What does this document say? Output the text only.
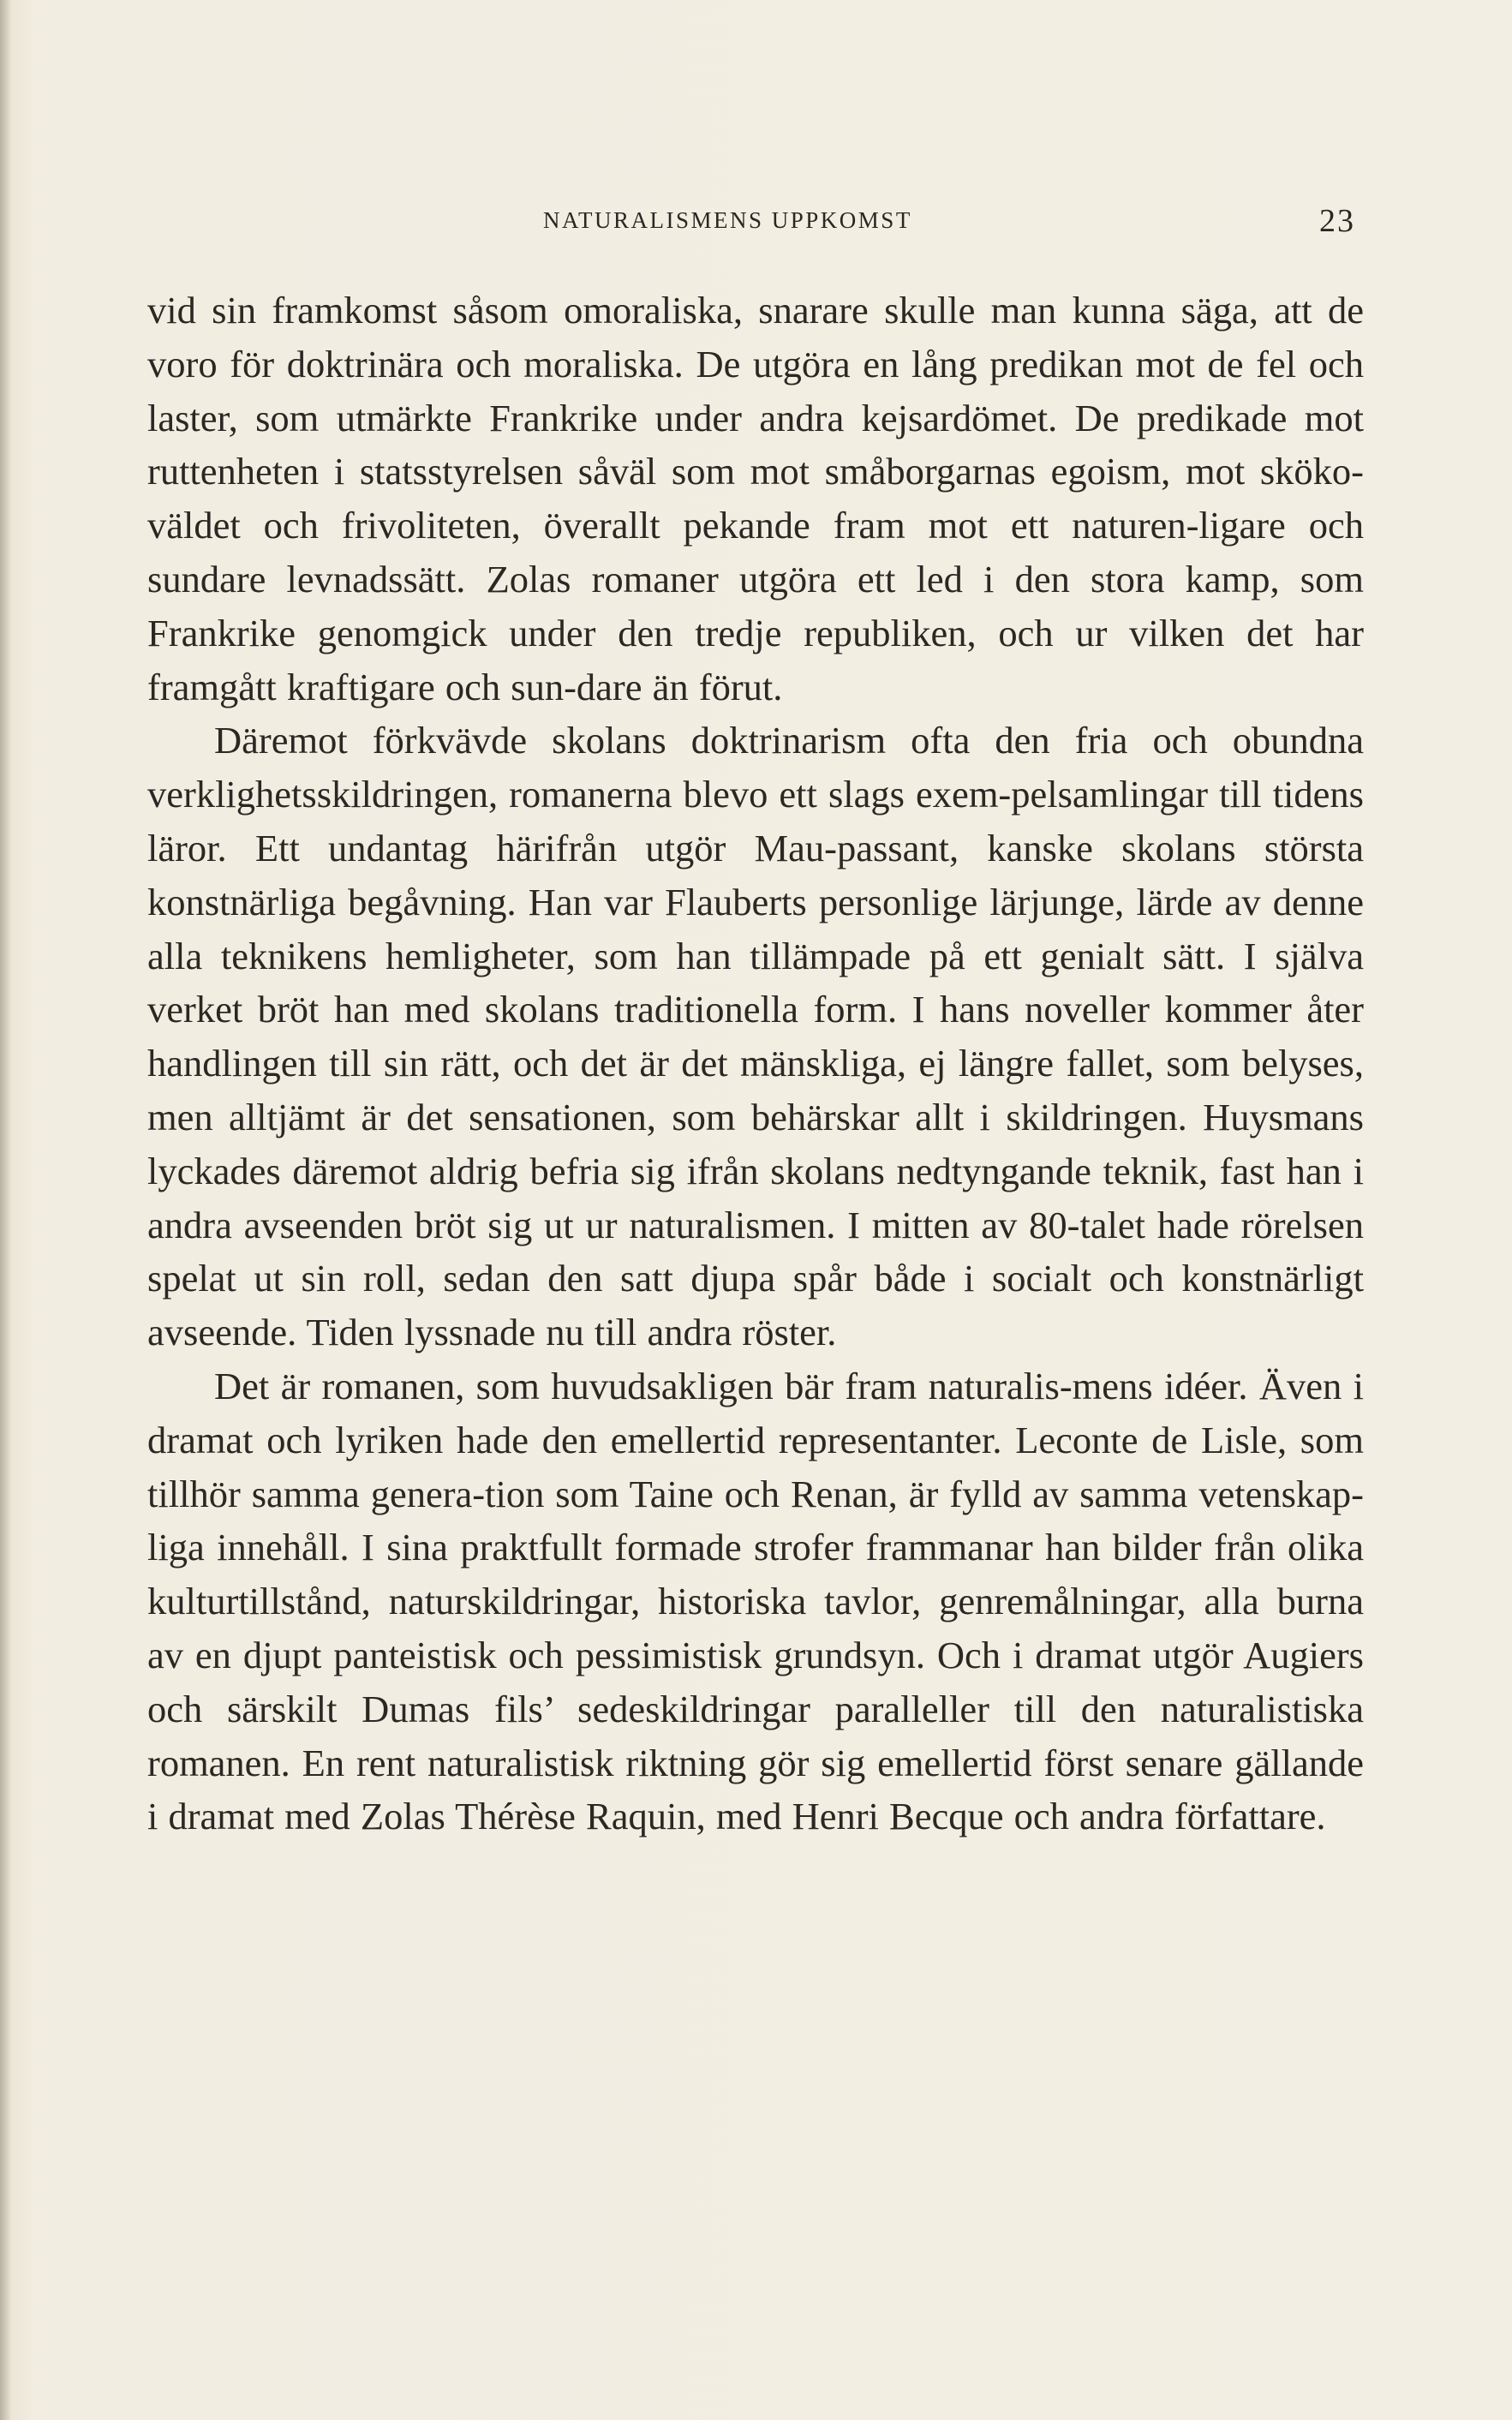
NATURALISMENS UPPKOMST	23

vid sin framkomst såsom omoraliska, snarare skulle man kunna säga, att de voro för doktrinära och moraliska. De utgöra en lång predikan mot de fel och laster, som utmärkte Frankrike under andra kejsardömet. De predikade mot ruttenheten i statsstyrelsen såväl som mot småborgarnas egoism, mot sköko-väldet och frivoliteten, överallt pekande fram mot ett naturen-ligare och sundare levnadssätt. Zolas romaner utgöra ett led i den stora kamp, som Frankrike genomgick under den tredje republiken, och ur vilken det har framgått kraftigare och sun-dare än förut.

Däremot förkvävde skolans doktrinarism ofta den fria och obundna verklighetsskildringen, romanerna blevo ett slags exem-pelsamlingar till tidens läror. Ett undantag härifrån utgör Mau-passant, kanske skolans största konstnärliga begåvning. Han var Flauberts personlige lärjunge, lärde av denne alla teknikens hemligheter, som han tillämpade på ett genialt sätt. I själva verket bröt han med skolans traditionella form. I hans noveller kommer åter handlingen till sin rätt, och det är det mänskliga, ej längre fallet, som belyses, men alltjämt är det sensationen, som behärskar allt i skildringen. Huysmans lyckades däremot aldrig befria sig ifrån skolans nedtyngande teknik, fast han i andra avseenden bröt sig ut ur naturalismen. I mitten av 80-talet hade rörelsen spelat ut sin roll, sedan den satt djupa spår både i socialt och konstnärligt avseende. Tiden lyssnade nu till andra röster.

Det är romanen, som huvudsakligen bär fram naturalis-mens idéer. Även i dramat och lyriken hade den emellertid representanter. Leconte de Lisle, som tillhör samma genera-tion som Taine och Renan, är fylld av samma vetenskap-liga innehåll. I sina praktfullt formade strofer frammanar han bilder från olika kulturtillstånd, naturskildringar, historiska tavlor, genremålningar, alla burna av en djupt panteistisk och pessimistisk grundsyn. Och i dramat utgör Augiers och särskilt Dumas fils’ sedeskildringar paralleller till den naturalistiska romanen. En rent naturalistisk riktning gör sig emellertid först senare gällande i dramat med Zolas Thérèse Raquin, med Henri Becque och andra författare.
